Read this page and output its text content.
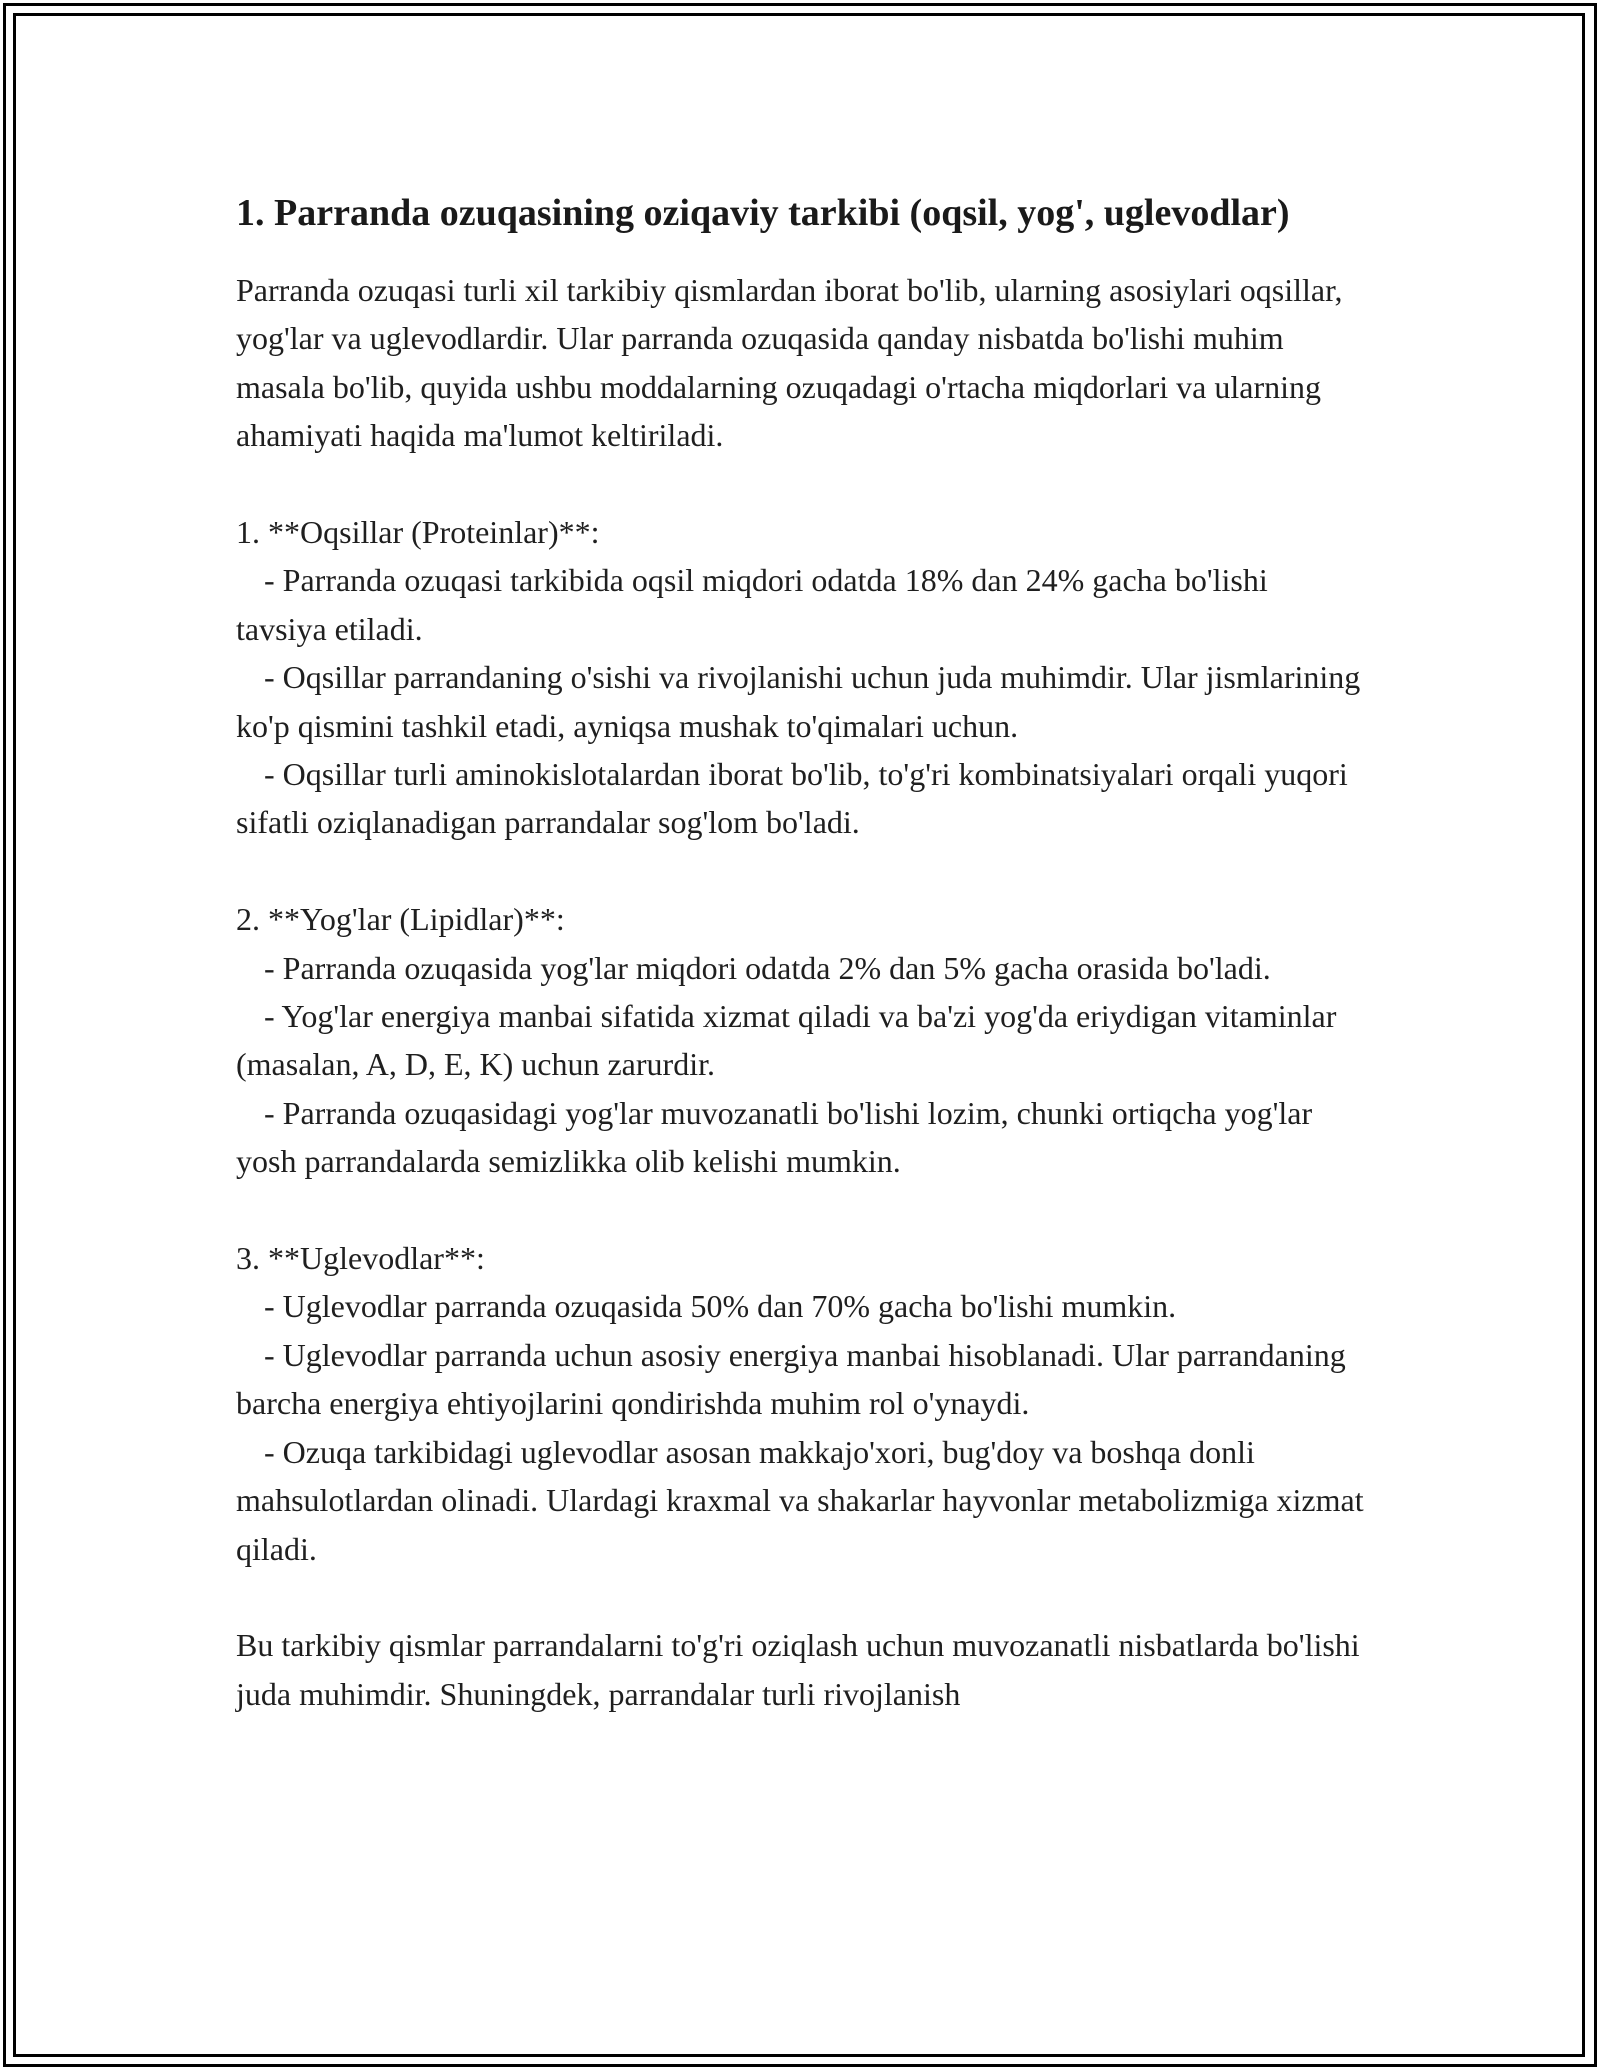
1. Parranda ozuqasining oziqaviy tarkibi (oqsil, yog', uglevodlar)

Parranda ozuqasi turli xil tarkibiy qismlardan iborat bo'lib, ularning asosiylari oqsillar, yog'lar va uglevodlardir. Ular parranda ozuqasida qanday nisbatda bo'lishi muhim masala bo'lib, quyida ushbu moddalarning ozuqadagi o'rtacha miqdorlari va ularning ahamiyati haqida ma'lumot keltiriladi.

1. **Oqsillar (Proteinlar)**:
- Parranda ozuqasi tarkibida oqsil miqdori odatda 18% dan 24% gacha bo'lishi tavsiya etiladi.
- Oqsillar parrandaning o'sishi va rivojlanishi uchun juda muhimdir. Ular jismlarining ko'p qismini tashkil etadi, ayniqsa mushak to'qimalari uchun.
- Oqsillar turli aminokislotalardan iborat bo'lib, to'g'ri kombinatsiyalari orqali yuqori sifatli oziqlanadigan parrandalar sog'lom bo'ladi.
2. **Yog'lar (Lipidlar)**:
- Parranda ozuqasida yog'lar miqdori odatda 2% dan 5% gacha orasida bo'ladi.
- Yog'lar energiya manbai sifatida xizmat qiladi va ba'zi yog'da eriydigan vitaminlar (masalan, A, D, E, K) uchun zarurdir.
- Parranda ozuqasidagi yog'lar muvozanatli bo'lishi lozim, chunki ortiqcha yog'lar yosh parrandalarda semizlikka olib kelishi mumkin.
3. **Uglevodlar**:
- Uglevodlar parranda ozuqasida 50% dan 70% gacha bo'lishi mumkin.
- Uglevodlar parranda uchun asosiy energiya manbai hisoblanadi. Ular parrandaning barcha energiya ehtiyojlarini qondirishda muhim rol o'ynaydi.
- Ozuqa tarkibidagi uglevodlar asosan makkajo'xori, bug'doy va boshqa donli mahsulotlardan olinadi. Ulardagi kraxmal va shakarlar hayvonlar metabolizmiga xizmat qiladi.

Bu tarkibiy qismlar parrandalarni to'g'ri oziqlash uchun muvozanatli nisbatlarda bo'lishi juda muhimdir. Shuningdek, parrandalar turli rivojlanish
